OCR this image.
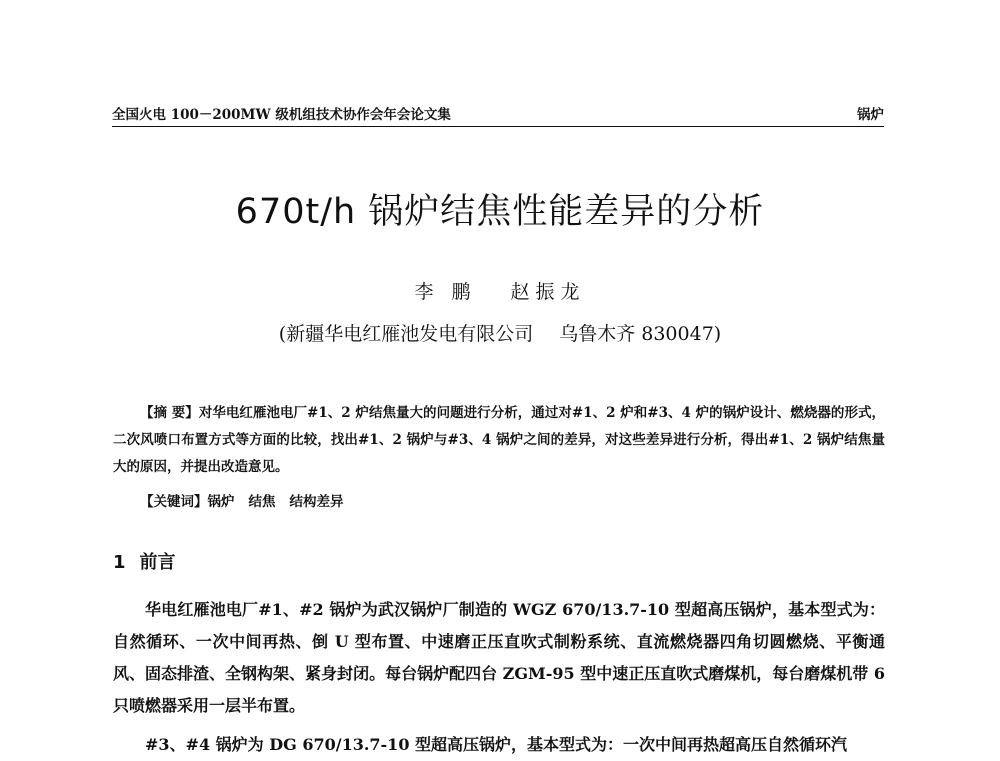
全国火电 100－200MW 级机组技术协作会年会论文集	锅炉
670t/h 锅炉结焦性能差异的分析
李 鹏 赵振龙
(新疆华电红雁池发电有限公司 乌鲁木齐 830047)
【摘 要】对华电红雁池电厂#1、2 炉结焦量大的问题进行分析，通过对#1、2 炉和#3、4 炉的锅炉设计、燃烧器的形式，二次风喷口布置方式等方面的比较，找出#1、2 锅炉与#3、4 锅炉之间的差异，对这些差异进行分析，得出#1、2 锅炉结焦量大的原因，并提出改造意见。
【关键词】锅炉 结焦 结构差异
1 前言
华电红雁池电厂#1、#2 锅炉为武汉锅炉厂制造的 WGZ 670/13.7-10 型超高压锅炉，基本型式为：自然循环、一次中间再热、倒 U 型布置、中速磨正压直吹式制粉系统、直流燃烧器四角切圆燃烧、平衡通风、固态排渣、全钢构架、紧身封闭。每台锅炉配四台 ZGM-95 型中速正压直吹式磨煤机，每台磨煤机带 6 只喷燃器采用一层半布置。
#3、#4 锅炉为 DG 670/13.7-10 型超高压锅炉，基本型式为：一次中间再热超高压自然循环汽
